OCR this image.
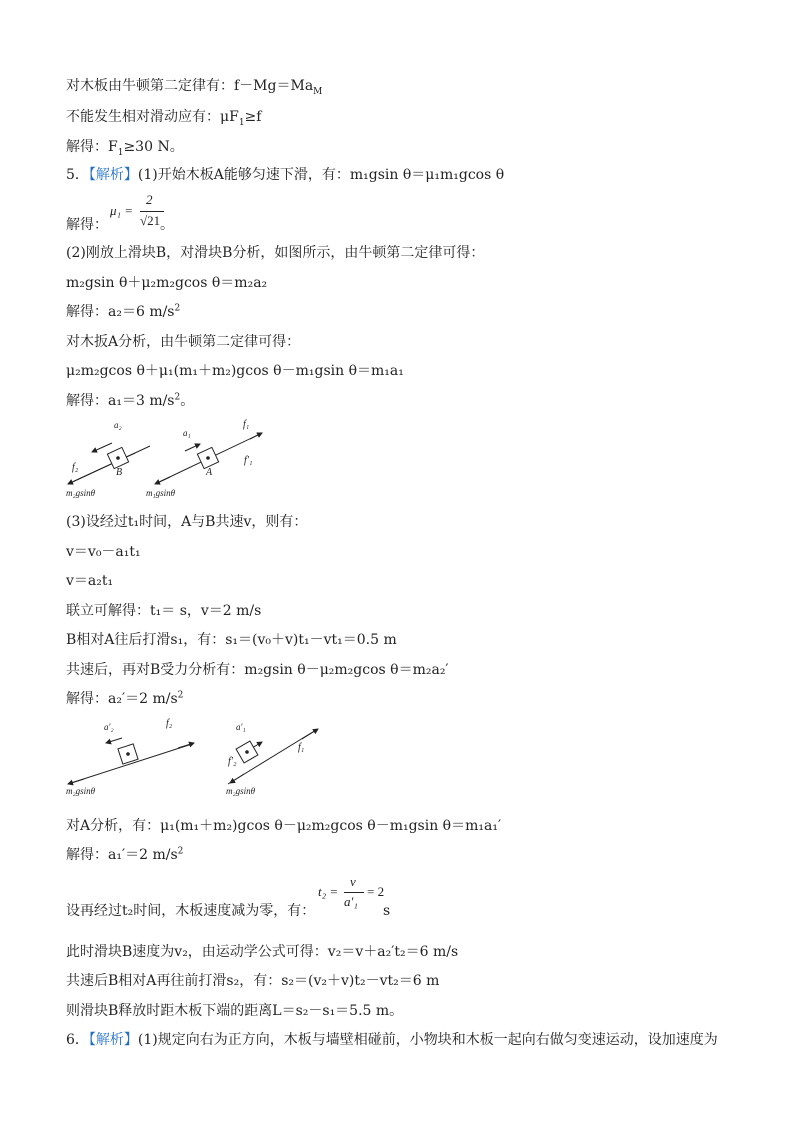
对木板由牛顿第二定律有：$f-Mg=Ma_M$
不能发生相对滑动应有：$\mu F_1\ge f$
解得：$F_1\ge 30$ N。
5．【解析】(1)开始木板A能够匀速下滑，有：m₁gsin θ＝μ₁m₁gcos θ
解得：
μ₁ =
2
√21 。
(2)刚放上滑块B，对滑块B分析，如图所示，由牛顿第二定律可得：
m₂gsin θ＋μ₂m₂gcos θ＝m₂a₂
解得：a₂＝6 $m/s^2$
对木扳A分析，由牛顿第二定律可得：
μ₂m₂gcos θ＋μ₁(m₁＋m₂)gcos θ－m₁gsin θ＝m₁a₁
解得：a₁＝3 $m/s^2$。
a₂
f₂	B
m₂gsinθ
a₁
f₁
f′₁
A
m₁gsinθ
(3)设经过t₁时间，A与B共速v，则有：
v＝v₀－a₁t₁
v＝a₂t₁
联立可解得：t₁＝ s，v＝2 m/s
B相对A往后打滑s₁，有：s₁＝(v₀＋v)t₁－vt₁＝0.5 m
共速后，再对B受力分析有：m₂gsin θ－μ₂m₂gcos θ＝m₂a₂′
解得：a₂′＝2 $m/s^2$
a′₂	f₂
m₂gsinθ
a′₁
f′₂
f₁
m₂gsinθ
对A分析，有：μ₁(m₁＋m₂)gcos θ－μ₂m₂gcos θ－m₁gsin θ＝m₁a₁′
解得：a₁′＝2 $m/s^2$
设再经过t₂时间，木板速度减为零，有：
t₂ =
v
a′₁
= 2
s
此时滑块B速度为v₂，由运动学公式可得：v₂＝v＋a₂′t₂＝6 m/s
共速后B相对A再往前打滑s₂，有：s₂＝(v₂＋v)t₂－vt₂＝6 m
则滑块B释放时距木板下端的距离L＝s₂－s₁＝5.5 m。
6．【解析】(1)规定向右为正方向，木板与墙壁相碰前，小物块和木板一起向右做匀变速运动，设加速度为
